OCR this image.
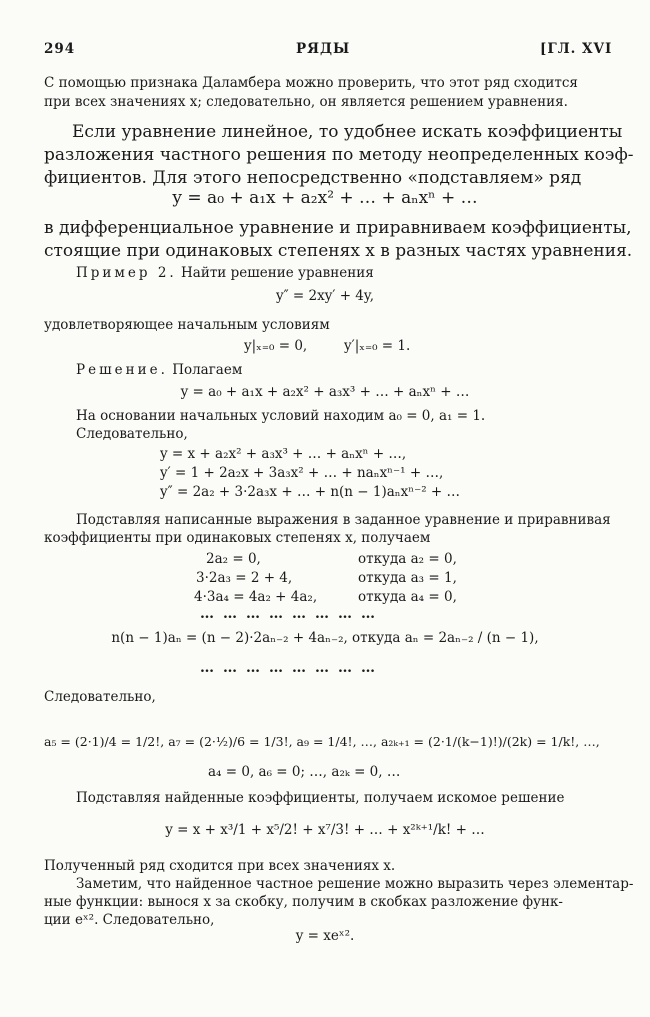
294	РЯДЫ	[ГЛ. XVI
С помощью признака Даламбера можно проверить, что этот ряд сходится
при всех значениях x; следовательно, он является решением уравнения.
Если уравнение линейное, то удобнее искать коэффициенты
разложения частного решения по методу неопределенных коэф-
фициентов. Для этого непосредственно «подставляем» ряд
y = a₀ + a₁x + a₂x² + … + aₙxⁿ + …
в дифференциальное уравнение и приравниваем коэффициенты,
стоящие при одинаковых степенях x в разных частях уравнения.
Пример 2. Найти решение уравнения
y″ = 2xy′ + 4y,
удовлетворяющее начальным условиям
y|ₓ₌₀ = 0,	y′|ₓ₌₀ = 1.
Решение. Полагаем
y = a₀ + a₁x + a₂x² + a₃x³ + … + aₙxⁿ + …
На основании начальных условий находим a₀ = 0, a₁ = 1.
Следовательно,
y = x + a₂x² + a₃x³ + … + aₙxⁿ + …,
y′ = 1 + 2a₂x + 3a₃x² + … + naₙxⁿ⁻¹ + …,
y″ = 2a₂ + 3·2a₃x + … + n(n − 1)aₙxⁿ⁻² + …
Подставляя написанные выражения в заданное уравнение и приравнивая
коэффициенты при одинаковых степенях x, получаем
2a₂ = 0,	откуда a₂ = 0,
3·2a₃ = 2 + 4,	откуда a₃ = 1,
4·3a₄ = 4a₂ + 4a₂,	откуда a₄ = 0,
……………………
n(n − 1)aₙ = (n − 2)·2aₙ₋₂ + 4aₙ₋₂, откуда aₙ = 2aₙ₋₂ / (n − 1),
……………………
Следовательно,
a₅ = (2·1)/4 = 1/2!, a₇ = (2·½)/6 = 1/3!, a₉ = 1/4!, …, a₂ₖ₊₁ = (2·1/(k−1)!)/(2k) = 1/k!, …,
a₄ = 0, a₆ = 0; …, a₂ₖ = 0, …
Подставляя найденные коэффициенты, получаем искомое решение
y = x + x³/1 + x⁵/2! + x⁷/3! + … + x²ᵏ⁺¹/k! + …
Полученный ряд сходится при всех значениях x.
Заметим, что найденное частное решение можно выразить через элементар-
ные функции: вынося x за скобку, получим в скобках разложение функ-
ции eˣ². Следовательно,
y = xeˣ².
